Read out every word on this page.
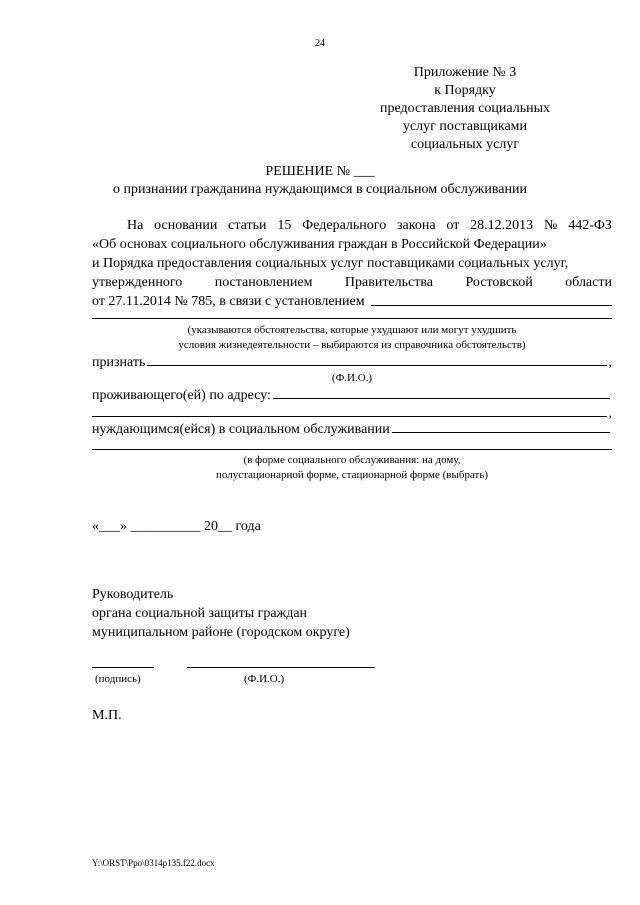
24
Приложение № 3
к Порядку
предоставления социальных
услуг поставщиками
социальных услуг
РЕШЕНИЕ № ___
о признании гражданина нуждающимся в социальном обслуживании
На основании статьи 15 Федерального закона от 28.12.2013 № 442-ФЗ
«Об основах социального обслуживания граждан в Российской Федерации»
и Порядка предоставления социальных услуг поставщиками социальных услуг,
утвержденного постановлением Правительства Ростовской области
от 27.11.2014 № 785, в связи с установлением
(указываются обстоятельства, которые ухудшают или могут ухудшить
условия жизнедеятельности – выбираются из справочника обстоятельств)
признать	,
(Ф.И.О.)
проживающего(ей) по адресу:
,
нуждающимся(ейся) в социальном обслуживании
(в форме социального обслуживания: на дому,
полустационарной форме, стационарной форме (выбрать)
«___» __________ 20__ года
Руководитель
органа социальной защиты граждан
муниципальном районе (городском округе)
(подпись)	(Ф.И.О.)
М.П.
Y:\ORST\Ppo\0314p135.f22.docx
